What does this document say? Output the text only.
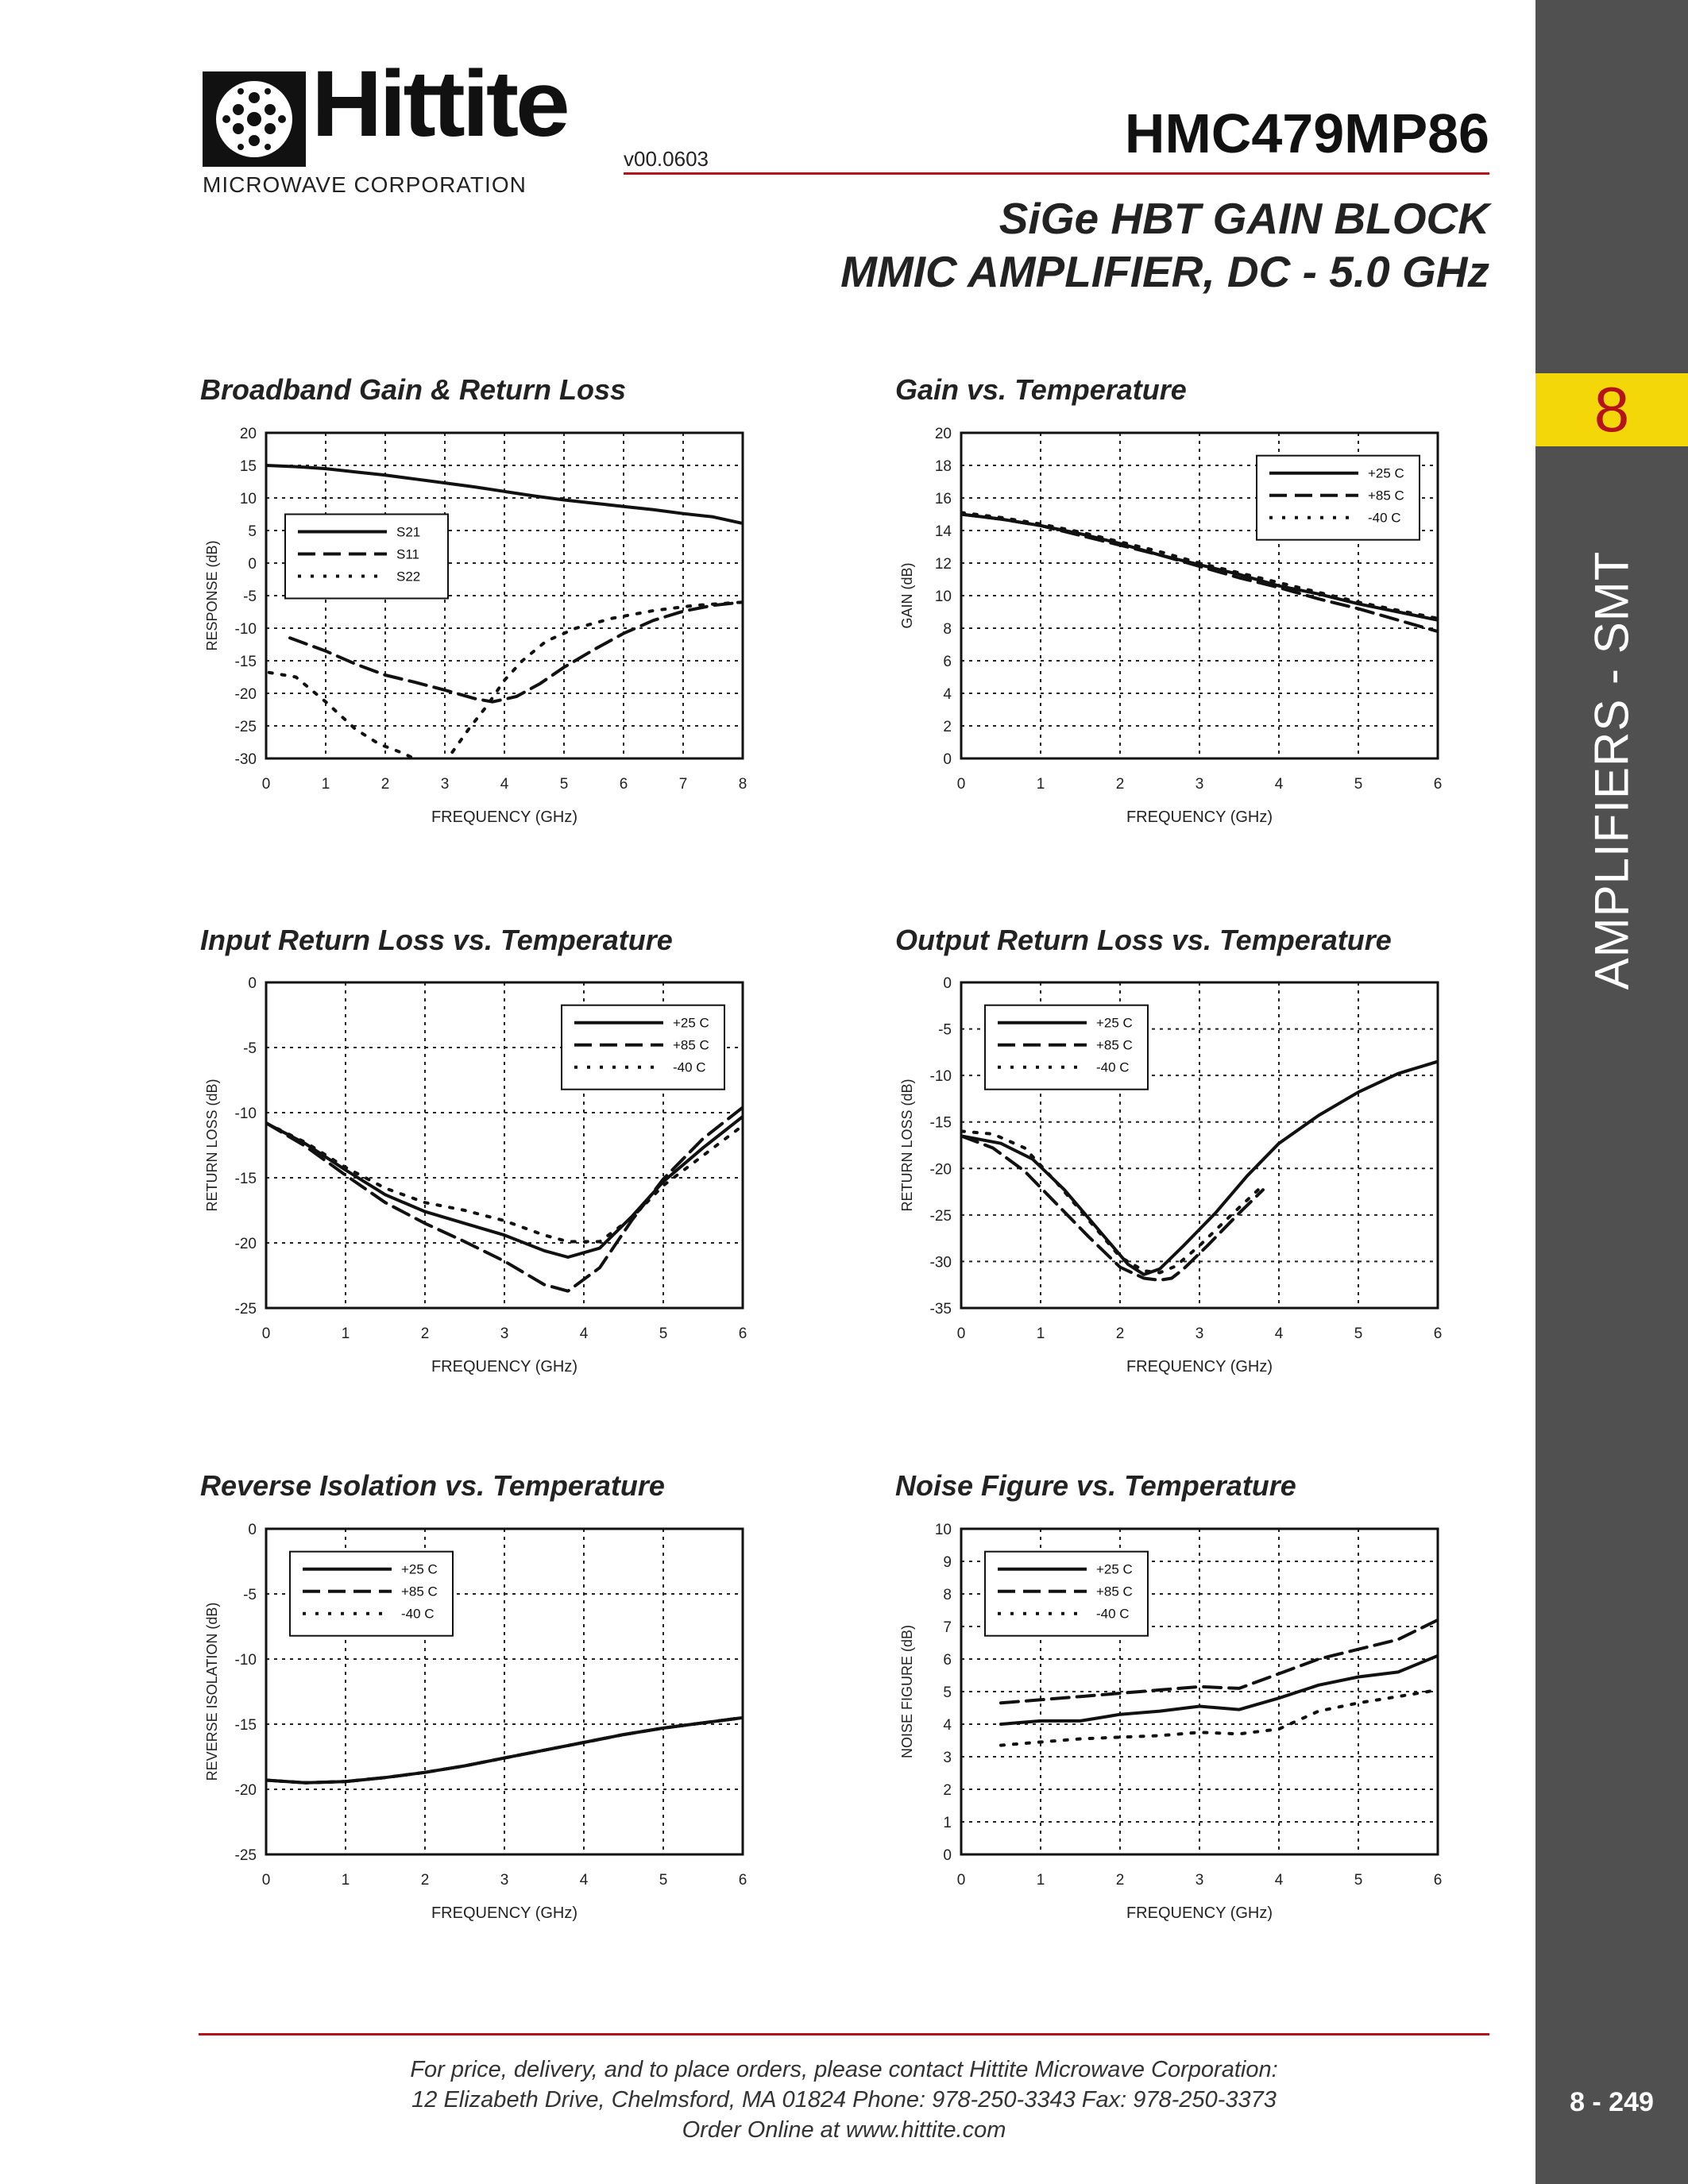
8
AMPLIFIERS - SMT
8 - 249
Hittite
MICROWAVE CORPORATION
v00.0603	HMC479MP86
SiGe HBT GAIN BLOCK
MMIC AMPLIFIER, DC - 5.0 GHz
Broadband Gain & Return Loss
0	1	2	3	4	5	6	7	8
-30
-25
-20
-15
-10
-5
0
5
10
15
20
FREQUENCY (GHz)
RESPONSE (dB)
S21
S11
S22
Gain vs. Temperature
0	1	2	3	4	5	6
0
2
4
6
8
10
12
14
16
18
20
FREQUENCY (GHz)
GAIN (dB)
+25 C
+85 C
-40 C
Input Return Loss vs. Temperature
0	1	2	3	4	5	6
-25
-20
-15
-10
-5
0
FREQUENCY (GHz)
RETURN LOSS (dB)
+25 C
+85 C
-40 C
Output Return Loss vs. Temperature
0	1	2	3	4	5	6
-35
-30
-25
-20
-15
-10
-5
0
FREQUENCY (GHz)
RETURN LOSS (dB)
+25 C
+85 C
-40 C
Reverse Isolation vs. Temperature
0	1	2	3	4	5	6
-25
-20
-15
-10
-5
0
FREQUENCY (GHz)
REVERSE ISOLATION (dB)
+25 C
+85 C
-40 C
Noise Figure vs. Temperature
0	1	2	3	4	5	6
0
1
2
3
4
5
6
7
8
9
10
FREQUENCY (GHz)
NOISE FIGURE (dB)
+25 C
+85 C
-40 C
For price, delivery, and to place orders, please contact Hittite Microwave Corporation:
12 Elizabeth Drive, Chelmsford, MA 01824 Phone: 978-250-3343 Fax: 978-250-3373
Order Online at www.hittite.com
